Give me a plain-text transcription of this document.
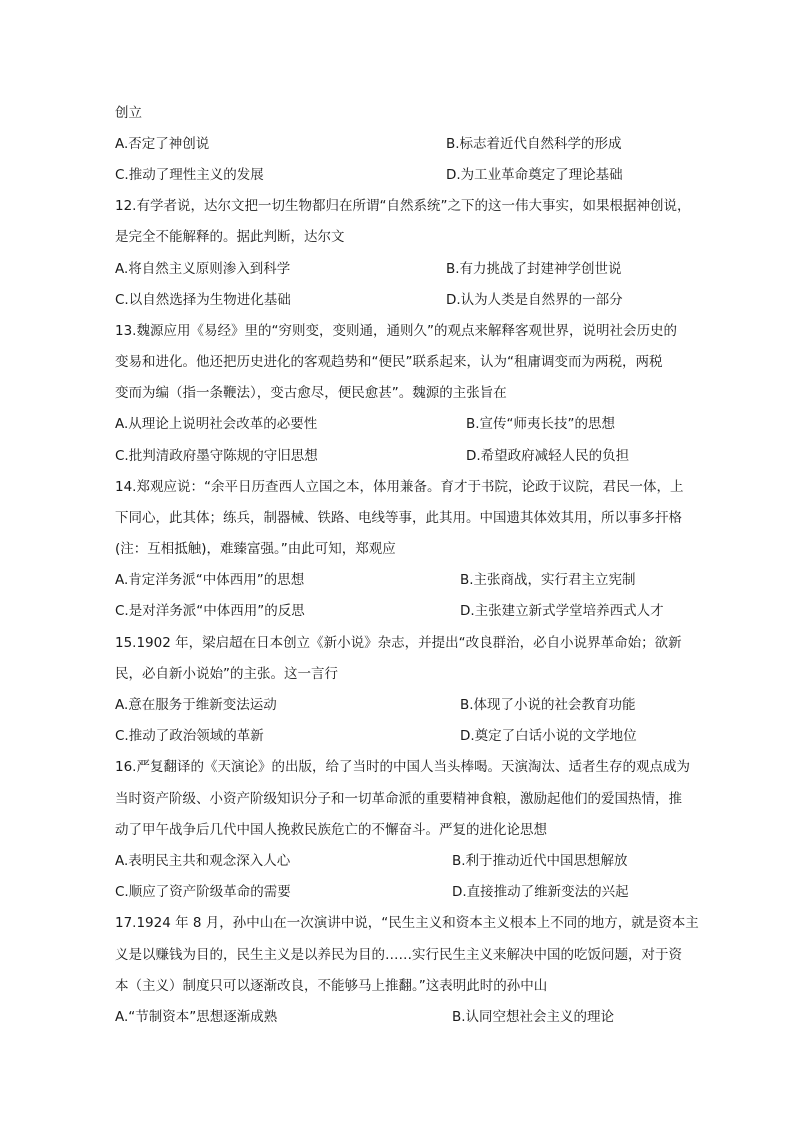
创立
A.否定了神创说	B.标志着近代自然科学的形成
C.推动了理性主义的发展	D.为工业革命奠定了理论基础
12.有学者说，达尔文把一切生物都归在所谓“自然系统”之下的这一伟大事实，如果根据神创说，
是完全不能解释的。据此判断，达尔文
A.将自然主义原则渗入到科学	B.有力挑战了封建神学创世说
C.以自然选择为生物进化基础	D.认为人类是自然界的一部分
13.魏源应用《易经》里的“穷则变，变则通，通则久”的观点来解释客观世界，说明社会历史的
变易和进化。他还把历史进化的客观趋势和“便民”联系起来，认为“租庸调变而为两税，两税
变而为编（指一条鞭法），变古愈尽，便民愈甚”。魏源的主张旨在
A.从理论上说明社会改革的必要性	B.宣传“师夷长技”的思想
C.批判清政府墨守陈规的守旧思想	D.希望政府减轻人民的负担
14.郑观应说：“余平日历查西人立国之本，体用兼备。育才于书院，论政于议院，君民一体，上
下同心，此其体；练兵，制器械、铁路、电线等事，此其用。中国遗其体效其用，所以事多扞格
(注：互相抵触)，难臻富强。”由此可知，郑观应
A.肯定洋务派“中体西用”的思想	B.主张商战，实行君主立宪制
C.是对洋务派“中体西用”的反思	D.主张建立新式学堂培养西式人才
15.1902 年，梁启超在日本创立《新小说》杂志，并提出“改良群治，必自小说界革命始；欲新
民，必自新小说始”的主张。这一言行
A.意在服务于维新变法运动	B.体现了小说的社会教育功能
C.推动了政治领域的革新	D.奠定了白话小说的文学地位
16.严复翻译的《天演论》的出版，给了当时的中国人当头棒喝。天演淘汰、适者生存的观点成为
当时资产阶级、小资产阶级知识分子和一切革命派的重要精神食粮，激励起他们的爱国热情，推
动了甲午战争后几代中国人挽救民族危亡的不懈奋斗。严复的进化论思想
A.表明民主共和观念深入人心	B.利于推动近代中国思想解放
C.顺应了资产阶级革命的需要	D.直接推动了维新变法的兴起
17.1924 年 8 月，孙中山在一次演讲中说，“民生主义和资本主义根本上不同的地方，就是资本主
义是以赚钱为目的，民生主义是以养民为目的……实行民生主义来解决中国的吃饭问题，对于资
本（主义）制度只可以逐渐改良，不能够马上推翻。”这表明此时的孙中山
A.“节制资本”思想逐渐成熟	B.认同空想社会主义的理论
